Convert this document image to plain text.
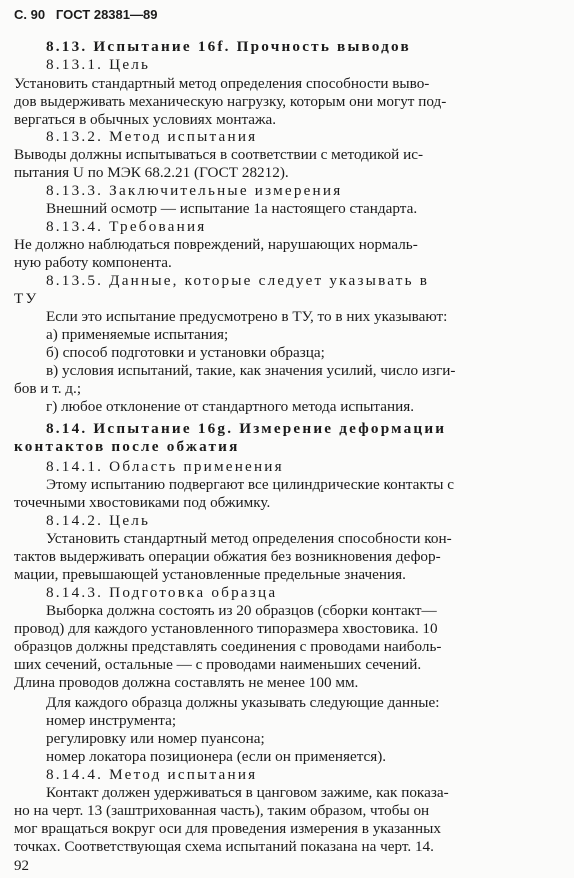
С. 90 ГОСТ 28381—89

8.13. Испытание 16f. Прочность выводов

8.13.1. Цель

Установить стандартный метод определения способности выво-

дов выдерживать механическую нагрузку, которым они могут под-

вергаться в обычных условиях монтажа.

8.13.2. Метод испытания

Выводы должны испытываться в соответствии с методикой ис-

пытания U по МЭК 68.2.21 (ГОСТ 28212).

8.13.3. Заключительные измерения

Внешний осмотр — испытание 1a настоящего стандарта.

8.13.4. Требования

Не должно наблюдаться повреждений, нарушающих нормаль-

ную работу компонента.

8.13.5. Данные, которые следует указывать в

ТУ

Если это испытание предусмотрено в ТУ, то в них указывают:

а) применяемые испытания;

б) способ подготовки и установки образца;

в) условия испытаний, такие, как значения усилий, число изги-

бов и т. д.;

г) любое отклонение от стандартного метода испытания.

8.14. Испытание 16g. Измерение деформации

контактов после обжатия

8.14.1. Область применения

Этому испытанию подвергают все цилиндрические контакты с

точечными хвостовиками под обжимку.

8.14.2. Цель

Установить стандартный метод определения способности кон-

тактов выдерживать операции обжатия без возникновения дефор-

мации, превышающей установленные предельные значения.

8.14.3. Подготовка образца

Выборка должна состоять из 20 образцов (сборки контакт—

провод) для каждого установленного типоразмера хвостовика. 10

образцов должны представлять соединения с проводами наиболь-

ших сечений, остальные — с проводами наименьших сечений.

Длина проводов должна составлять не менее 100 мм.

Для каждого образца должны указывать следующие данные:

номер инструмента;

регулировку или номер пуансона;

номер локатора позиционера (если он применяется).

8.14.4. Метод испытания

Контакт должен удерживаться в цанговом зажиме, как показа-

но на черт. 13 (заштрихованная часть), таким образом, чтобы он

мог вращаться вокруг оси для проведения измерения в указанных

точках. Соответствующая схема испытаний показана на черт. 14.

92
